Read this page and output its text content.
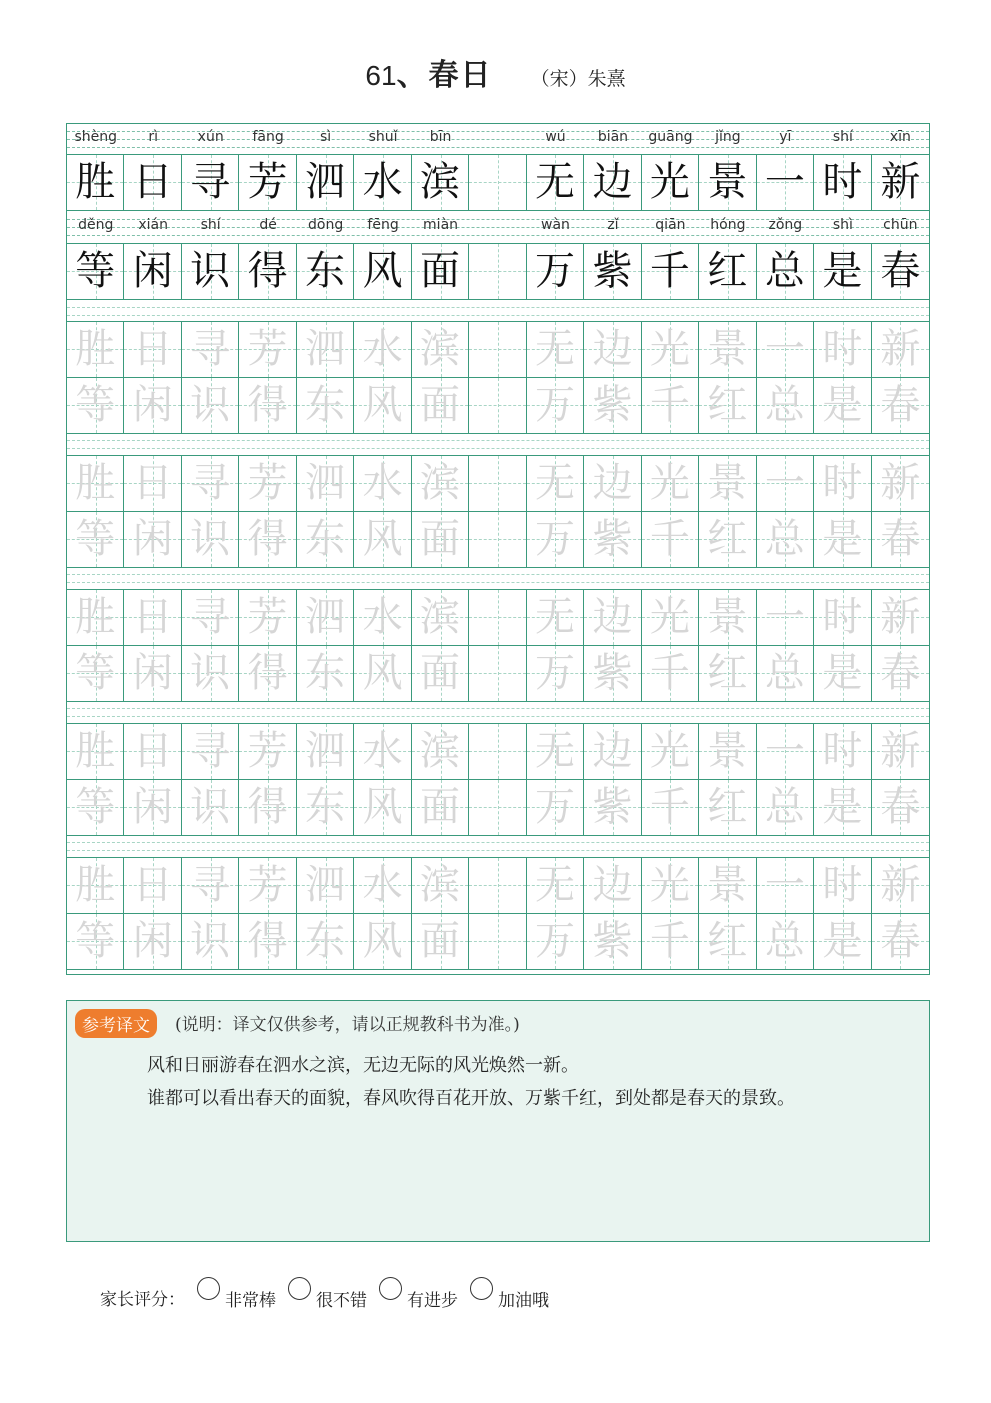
61、春日 （宋）朱熹
shèng	rì	xún	fāng	sì	shuǐ	bīn	wú	biān	guāng	jǐng	yī	shí	xīn
胜 日 寻 芳 泗 水 滨 无 边 光 景 一 时 新
děng	xián	shí	dé	dōng	fēng	miàn	wàn	zǐ	qiān	hóng	zǒng	shì	chūn
等 闲 识 得 东 风 面 万 紫 千 红 总 是 春
胜 日 寻 芳 泗 水 滨 无 边 光 景 一 时 新
等 闲 识 得 东 风 面 万 紫 千 红 总 是 春
胜 日 寻 芳 泗 水 滨 无 边 光 景 一 时 新
等 闲 识 得 东 风 面 万 紫 千 红 总 是 春
胜 日 寻 芳 泗 水 滨 无 边 光 景 一 时 新
等 闲 识 得 东 风 面 万 紫 千 红 总 是 春
胜 日 寻 芳 泗 水 滨 无 边 光 景 一 时 新
等 闲 识 得 东 风 面 万 紫 千 红 总 是 春
胜 日 寻 芳 泗 水 滨 无 边 光 景 一 时 新
等 闲 识 得 东 风 面 万 紫 千 红 总 是 春
参考译文	(说明：译文仅供参考，请以正规教科书为准。)
风和日丽游春在泗水之滨，无边无际的风光焕然一新。
谁都可以看出春天的面貌，春风吹得百花开放、万紫千红，到处都是春天的景致。
家长评分：	非常棒	很不错	有进步	加油哦
